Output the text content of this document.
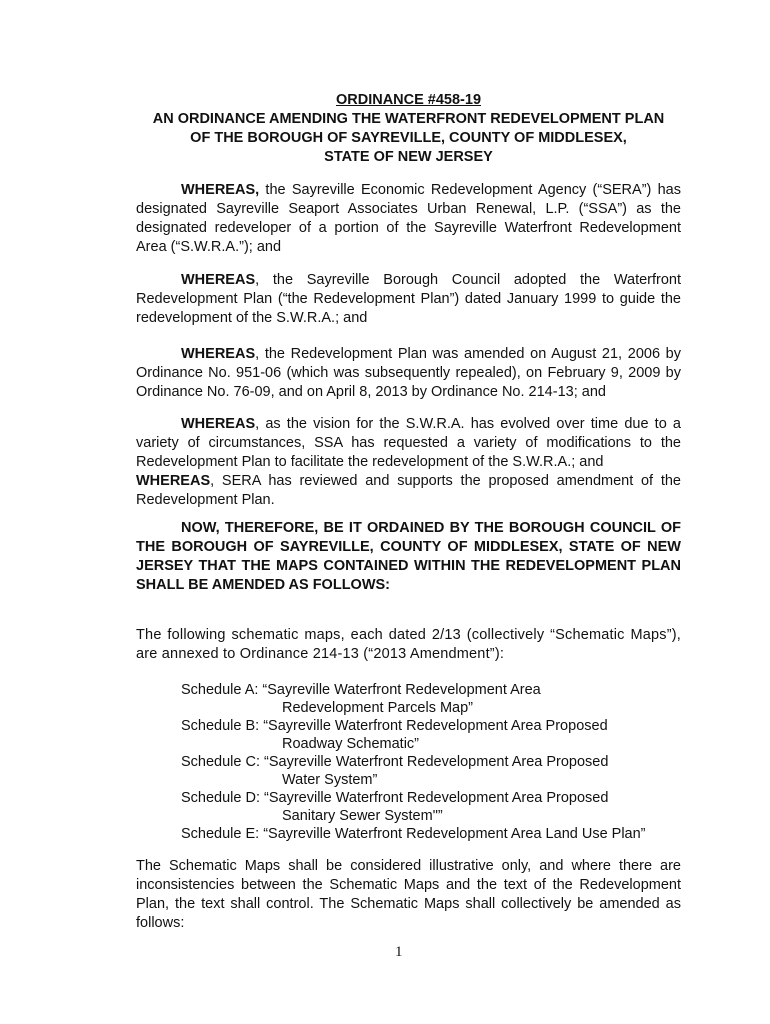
ORDINANCE #458-19
AN ORDINANCE AMENDING THE WATERFRONT REDEVELOPMENT PLAN
OF THE BOROUGH OF SAYREVILLE, COUNTY OF MIDDLESEX,
STATE OF NEW JERSEY
WHEREAS, the Sayreville Economic Redevelopment Agency (“SERA”) has designated Sayreville Seaport Associates Urban Renewal, L.P. (“SSA”) as the designated redeveloper of a portion of the Sayreville Waterfront Redevelopment Area (“S.W.R.A.”); and
WHEREAS, the Sayreville Borough Council adopted the Waterfront Redevelopment Plan (“the Redevelopment Plan”) dated January 1999 to guide the redevelopment of the S.W.R.A.; and
WHEREAS, the Redevelopment Plan was amended on August 21, 2006 by Ordinance No. 951-06 (which was subsequently repealed), on February 9, 2009 by Ordinance No. 76-09, and on April 8, 2013 by Ordinance No. 214-13; and
WHEREAS, as the vision for the S.W.R.A. has evolved over time due to a variety of circumstances, SSA has requested a variety of modifications to the Redevelopment Plan to facilitate the redevelopment of the S.W.R.A.; and
WHEREAS, SERA has reviewed and supports the proposed amendment of the Redevelopment Plan.
NOW, THEREFORE, BE IT ORDAINED BY THE BOROUGH COUNCIL OF THE BOROUGH OF SAYREVILLE, COUNTY OF MIDDLESEX, STATE OF NEW JERSEY THAT THE MAPS CONTAINED WITHIN THE REDEVELOPMENT PLAN SHALL BE AMENDED AS FOLLOWS:
The following schematic maps, each dated 2/13 (collectively “Schematic Maps”), are annexed to Ordinance 214-13 (“2013 Amendment”):
Schedule A: “Sayreville Waterfront Redevelopment Area
Redevelopment Parcels Map”
Schedule B: “Sayreville Waterfront Redevelopment Area Proposed
Roadway Schematic”
Schedule C: “Sayreville Waterfront Redevelopment Area Proposed
Water System”
Schedule D: “Sayreville Waterfront Redevelopment Area Proposed
Sanitary Sewer System"”
Schedule E: “Sayreville Waterfront Redevelopment Area Land Use Plan”
The Schematic Maps shall be considered illustrative only, and where there are inconsistencies between the Schematic Maps and the text of the Redevelopment Plan, the text shall control. The Schematic Maps shall collectively be amended as follows:
1
